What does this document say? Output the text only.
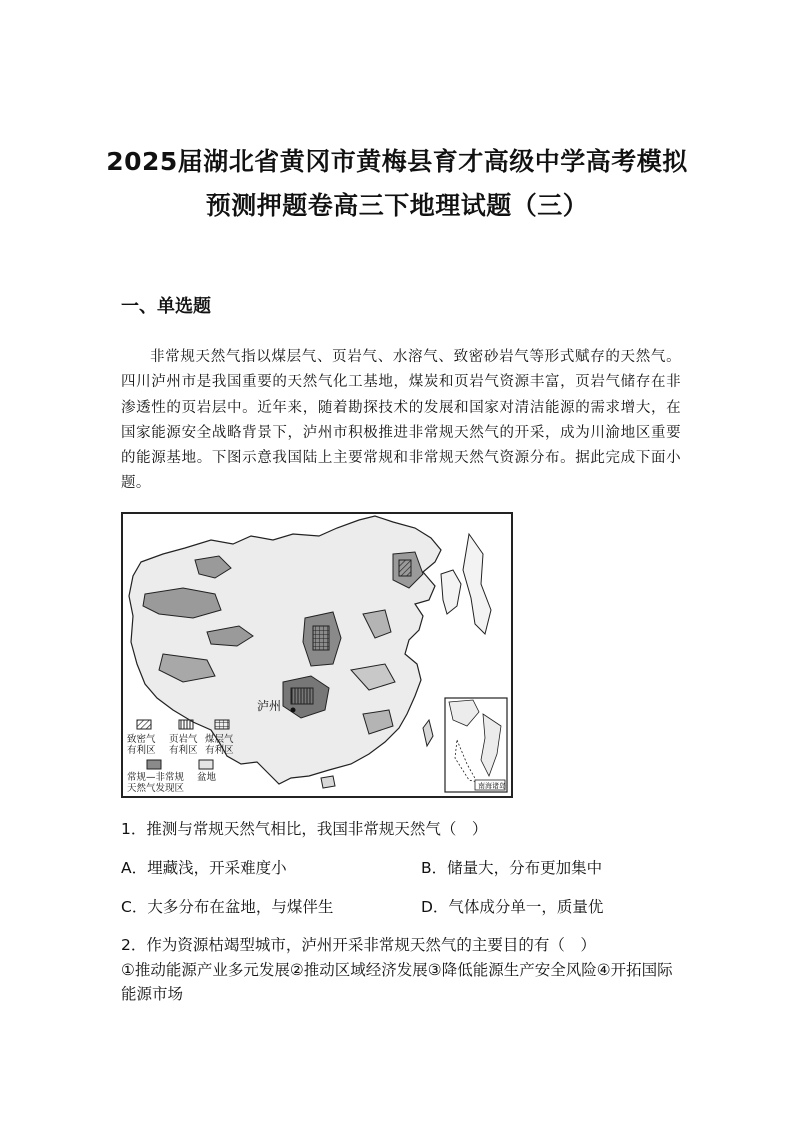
2025届湖北省黄冈市黄梅县育才高级中学高考模拟
预测押题卷高三下地理试题（三）
一、单选题
非常规天然气指以煤层气、页岩气、水溶气、致密砂岩气等形式赋存的天然气。四川泸州市是我国重要的天然气化工基地，煤炭和页岩气资源丰富，页岩气储存在非渗透性的页岩层中。近年来，随着勘探技术的发展和国家对清洁能源的需求增大，在国家能源安全战略背景下，泸州市积极推进非常规天然气的开采，成为川渝地区重要的能源基地。下图示意我国陆上主要常规和非常规天然气资源分布。据此完成下面小题。
泸州
致密气
有利区
页岩气
有利区
煤层气
有利区
常规—非常规
天然气发现区
盆地
南海诸岛
1．推测与常规天然气相比，我国非常规天然气（　）
A．埋藏浅，开采难度小	B．储量大，分布更加集中
C．大多分布在盆地，与煤伴生	D．气体成分单一，质量优
2．作为资源枯竭型城市，泸州开采非常规天然气的主要目的有（　）
①推动能源产业多元发展②推动区域经济发展③降低能源生产安全风险④开拓国际能源市场
